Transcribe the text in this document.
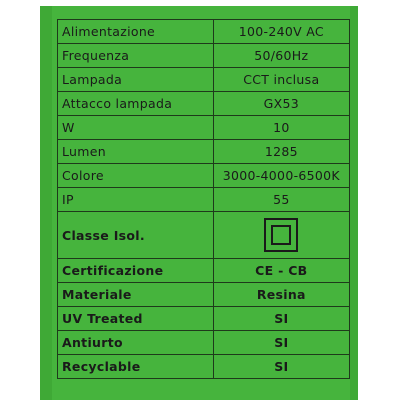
Alimentazione	100-240V AC
Frequenza	50/60Hz
Lampada	CCT inclusa
Attacco lampada	GX53
W	10
Lumen	1285
Colore	3000-4000-6500K
IP	55
Classe Isol.	
Certificazione	CE - CB
Materiale	Resina
UV Treated	SI
Antiurto	SI
Recyclable	SI
